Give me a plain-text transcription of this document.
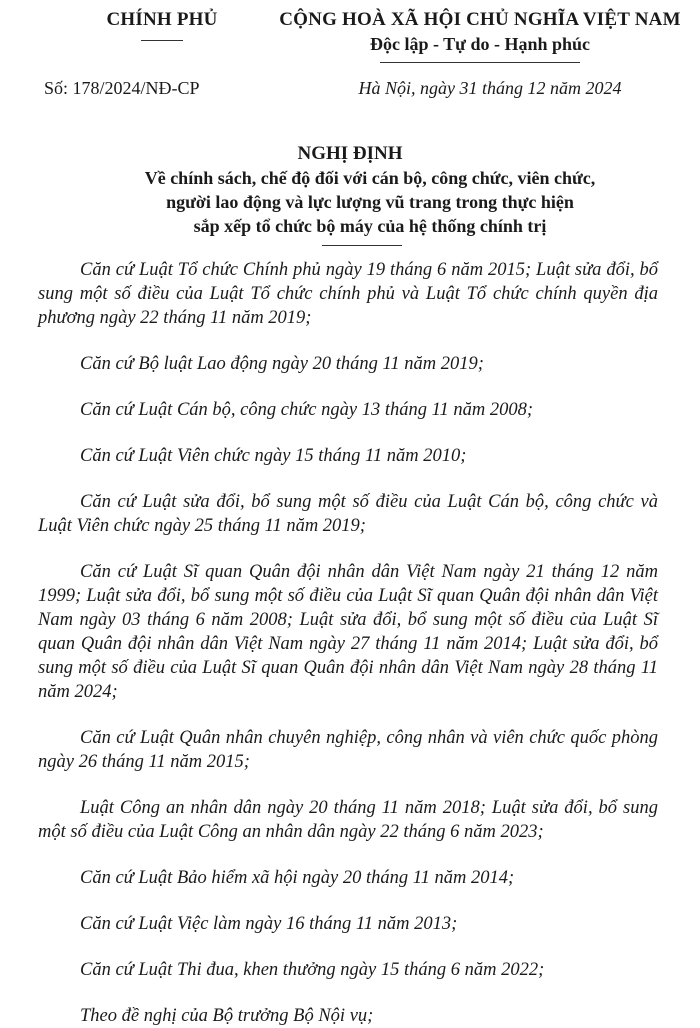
CHÍNH PHỦ	CỘNG HOÀ XÃ HỘI CHỦ NGHĨA VIỆT NAM
Độc lập - Tự do - Hạnh phúc
Số: 178/2024/NĐ-CP	Hà Nội, ngày 31 tháng 12 năm 2024
NGHỊ ĐỊNH
Về chính sách, chế độ đối với cán bộ, công chức, viên chức,
người lao động và lực lượng vũ trang trong thực hiện
sắp xếp tổ chức bộ máy của hệ thống chính trị

Căn cứ Luật Tổ chức Chính phủ ngày 19 tháng 6 năm 2015; Luật sửa đổi, bổ sung một số điều của Luật Tổ chức chính phủ và Luật Tổ chức chính quyền địa phương ngày 22 tháng 11 năm 2019;

Căn cứ Bộ luật Lao động ngày 20 tháng 11 năm 2019;

Căn cứ Luật Cán bộ, công chức ngày 13 tháng 11 năm 2008;

Căn cứ Luật Viên chức ngày 15 tháng 11 năm 2010;

Căn cứ Luật sửa đổi, bổ sung một số điều của Luật Cán bộ, công chức và Luật Viên chức ngày 25 tháng 11 năm 2019;

Căn cứ Luật Sĩ quan Quân đội nhân dân Việt Nam ngày 21 tháng 12 năm 1999; Luật sửa đổi, bổ sung một số điều của Luật Sĩ quan Quân đội nhân dân Việt Nam ngày 03 tháng 6 năm 2008; Luật sửa đổi, bổ sung một số điều của Luật Sĩ quan Quân đội nhân dân Việt Nam ngày 27 tháng 11 năm 2014; Luật sửa đổi, bổ sung một số điều của Luật Sĩ quan Quân đội nhân dân Việt Nam ngày 28 tháng 11 năm 2024;

Căn cứ Luật Quân nhân chuyên nghiệp, công nhân và viên chức quốc phòng ngày 26 tháng 11 năm 2015;

Luật Công an nhân dân ngày 20 tháng 11 năm 2018; Luật sửa đổi, bổ sung một số điều của Luật Công an nhân dân ngày 22 tháng 6 năm 2023;

Căn cứ Luật Bảo hiểm xã hội ngày 20 tháng 11 năm 2014;

Căn cứ Luật Việc làm ngày 16 tháng 11 năm 2013;

Căn cứ Luật Thi đua, khen thưởng ngày 15 tháng 6 năm 2022;

Theo đề nghị của Bộ trưởng Bộ Nội vụ;
